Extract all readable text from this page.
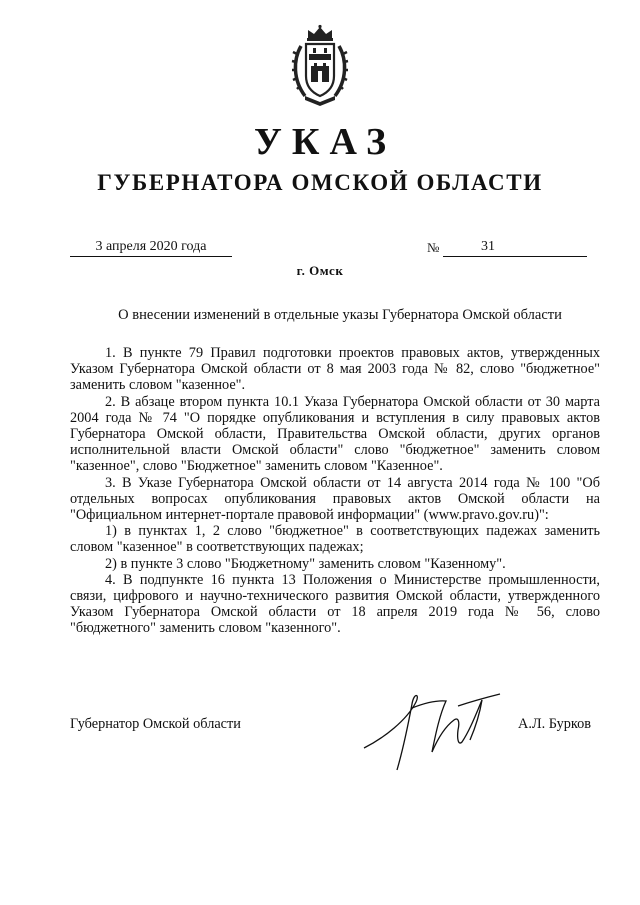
УКАЗ
ГУБЕРНАТОРА ОМСКОЙ ОБЛАСТИ
3 апреля 2020 года	№	31
г. Омск
О внесении изменений в отдельные указы Губернатора Омской области

1. В пункте 79 Правил подготовки проектов правовых актов, утвержденных Указом Губернатора Омской области от 8 мая 2003 года № 82, слово "бюджетное" заменить словом "казенное".

2. В абзаце втором пункта 10.1 Указа Губернатора Омской области от 30 марта 2004 года № 74 "О порядке опубликования и вступления в силу правовых актов Губернатора Омской области, Правительства Омской области, других органов исполнительной власти Омской области" слово "бюджетное" заменить словом "казенное", слово "Бюджетное" заменить словом "Казенное".

3. В Указе Губернатора Омской области от 14 августа 2014 года № 100 "Об отдельных вопросах опубликования правовых актов Омской области на "Официальном интернет-портале правовой информации" (www.pravo.gov.ru)":

1) в пунктах 1, 2 слово "бюджетное" в соответствующих падежах заменить словом "казенное" в соответствующих падежах;

2) в пункте 3 слово "Бюджетному" заменить словом "Казенному".

4. В подпункте 16 пункта 13 Положения о Министерстве промышленности, связи, цифрового и научно-технического развития Омской области, утвержденного Указом Губернатора Омской области от 18 апреля 2019 года № 56, слово "бюджетного" заменить словом "казенного".

Губернатор Омской области	А.Л. Бурков
